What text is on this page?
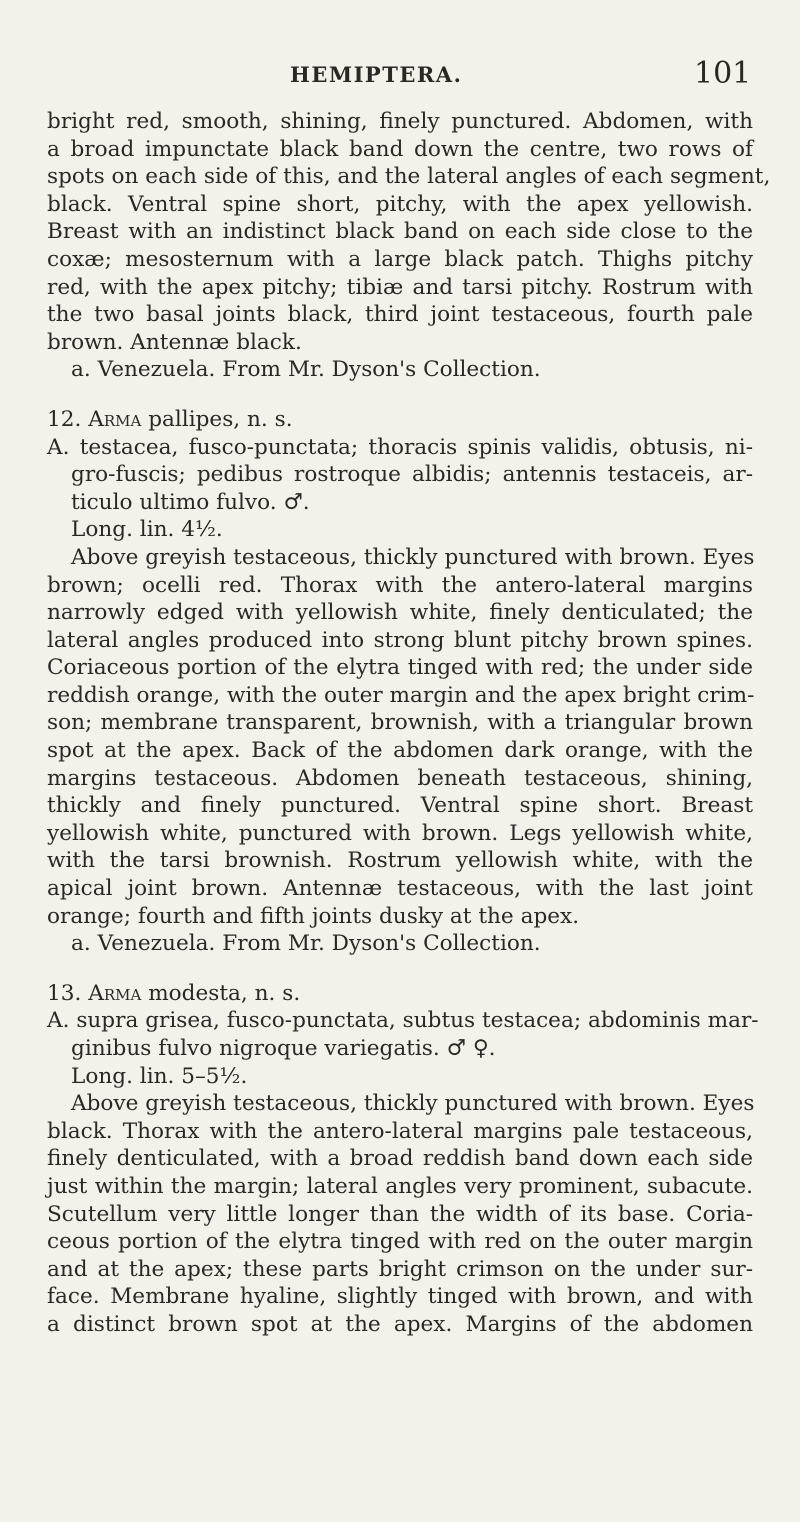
HEMIPTERA.	101
bright red, smooth, shining, finely punctured. Abdomen, with
a broad impunctate black band down the centre, two rows of
spots on each side of this, and the lateral angles of each segment,
black. Ventral spine short, pitchy, with the apex yellowish.
Breast with an indistinct black band on each side close to the
coxæ; mesosternum with a large black patch. Thighs pitchy
red, with the apex pitchy; tibiæ and tarsi pitchy. Rostrum with
the two basal joints black, third joint testaceous, fourth pale
brown. Antennæ black.
a. Venezuela. From Mr. Dyson's Collection.
12. Arma pallipes, n. s.
A. testacea, fusco-punctata; thoracis spinis validis, obtusis, ni-
gro-fuscis; pedibus rostroque albidis; antennis testaceis, ar-
ticulo ultimo fulvo. ♂.
Long. lin. 4½.
Above greyish testaceous, thickly punctured with brown. Eyes
brown; ocelli red. Thorax with the antero-lateral margins
narrowly edged with yellowish white, finely denticulated; the
lateral angles produced into strong blunt pitchy brown spines.
Coriaceous portion of the elytra tinged with red; the under side
reddish orange, with the outer margin and the apex bright crim-
son; membrane transparent, brownish, with a triangular brown
spot at the apex. Back of the abdomen dark orange, with the
margins testaceous. Abdomen beneath testaceous, shining,
thickly and finely punctured. Ventral spine short. Breast
yellowish white, punctured with brown. Legs yellowish white,
with the tarsi brownish. Rostrum yellowish white, with the
apical joint brown. Antennæ testaceous, with the last joint
orange; fourth and fifth joints dusky at the apex.
a. Venezuela. From Mr. Dyson's Collection.
13. Arma modesta, n. s.
A. supra grisea, fusco-punctata, subtus testacea; abdominis mar-
ginibus fulvo nigroque variegatis. ♂ ♀.
Long. lin. 5–5½.
Above greyish testaceous, thickly punctured with brown. Eyes
black. Thorax with the antero-lateral margins pale testaceous,
finely denticulated, with a broad reddish band down each side
just within the margin; lateral angles very prominent, subacute.
Scutellum very little longer than the width of its base. Coria-
ceous portion of the elytra tinged with red on the outer margin
and at the apex; these parts bright crimson on the under sur-
face. Membrane hyaline, slightly tinged with brown, and with
a distinct brown spot at the apex. Margins of the abdomen
